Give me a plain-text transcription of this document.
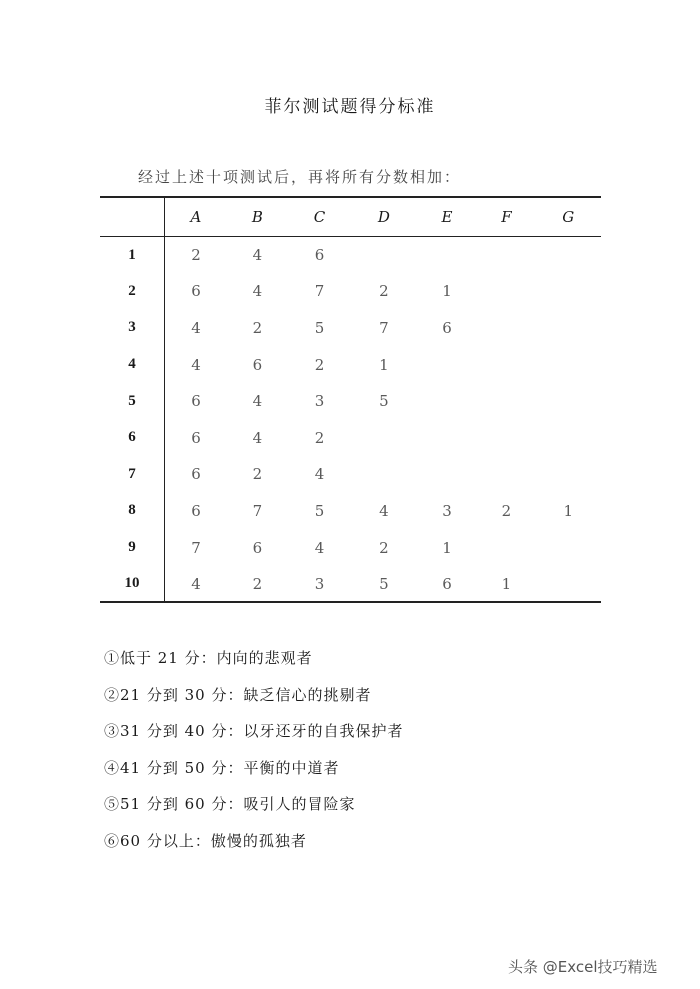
菲尔测试题得分标准
经过上述十项测试后，再将所有分数相加：
	A	B	C	D	E	F	G
1	2	4	6				
2	6	4	7	2	1		
3	4	2	5	7	6		
4	4	6	2	1			
5	6	4	3	5			
6	6	4	2				
7	6	2	4				
8	6	7	5	4	3	2	1
9	7	6	4	2	1		
10	4	2	3	5	6	1	
①低于 21 分：内向的悲观者
②21 分到 30 分：缺乏信心的挑剔者
③31 分到 40 分：以牙还牙的自我保护者
④41 分到 50 分：平衡的中道者
⑤51 分到 60 分：吸引人的冒险家
⑥60 分以上：傲慢的孤独者
头条 @Excel技巧精选
